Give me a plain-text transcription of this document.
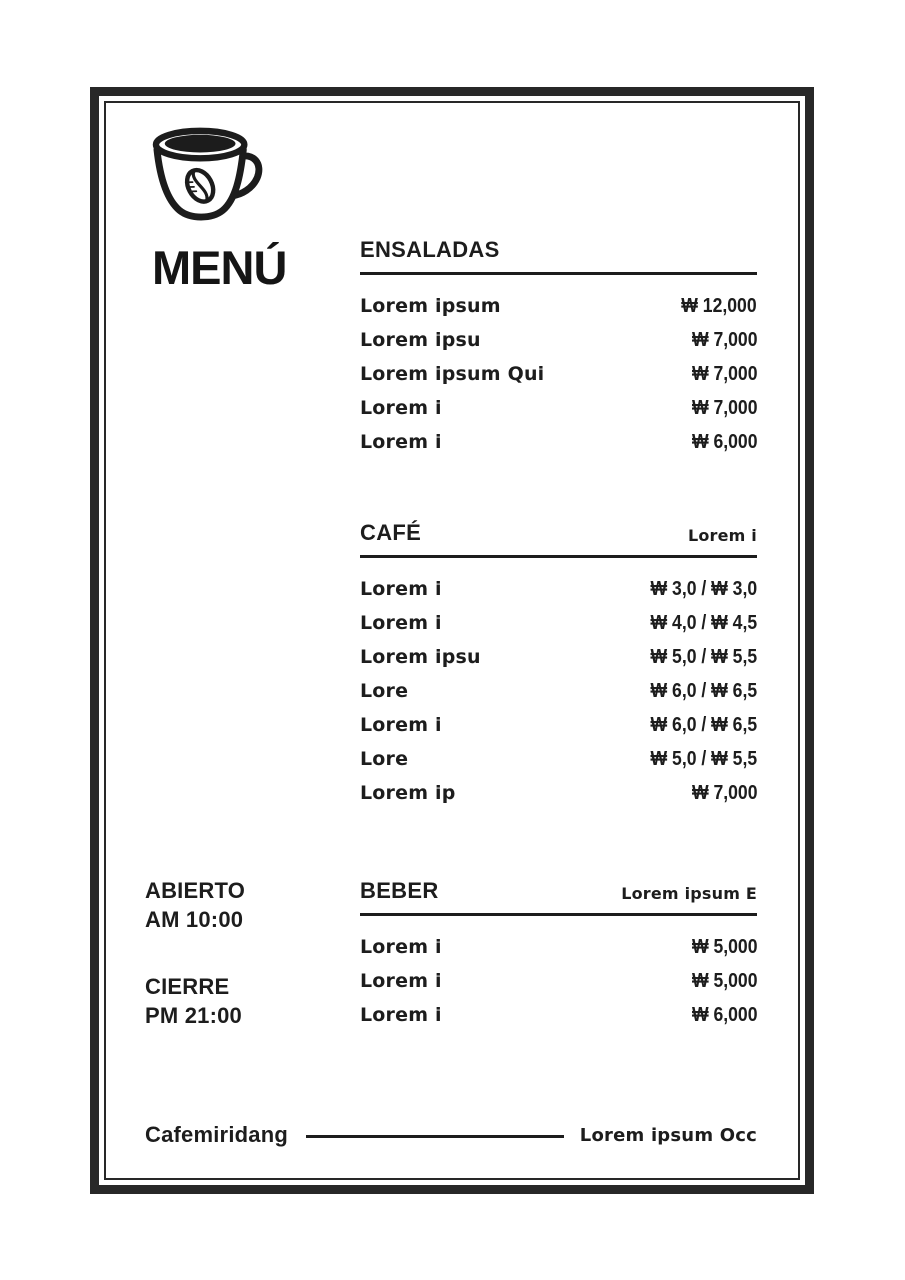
MENÚ	ENSALADAS
Lorem ipsum	₩ 12,000
Lorem ipsu	₩ 7,000
Lorem ipsum Qui	₩ 7,000
Lorem i	₩ 7,000
Lorem i	₩ 6,000
CAFÉ	Lorem i
Lorem i	₩ 3,0 / ₩ 3,0
Lorem i	₩ 4,0 / ₩ 4,5
Lorem ipsu	₩ 5,0 / ₩ 5,5
Lore	₩ 6,0 / ₩ 6,5
Lorem i	₩ 6,0 / ₩ 6,5
Lore	₩ 5,0 / ₩ 5,5
Lorem ip	₩ 7,000
BEBER	Lorem ipsum E
Lorem i	₩ 5,000
Lorem i	₩ 5,000
Lorem i	₩ 6,000
ABIERTO
AM 10:00
CIERRE
PM 21:00
Cafemiridang	Lorem ipsum Occ
